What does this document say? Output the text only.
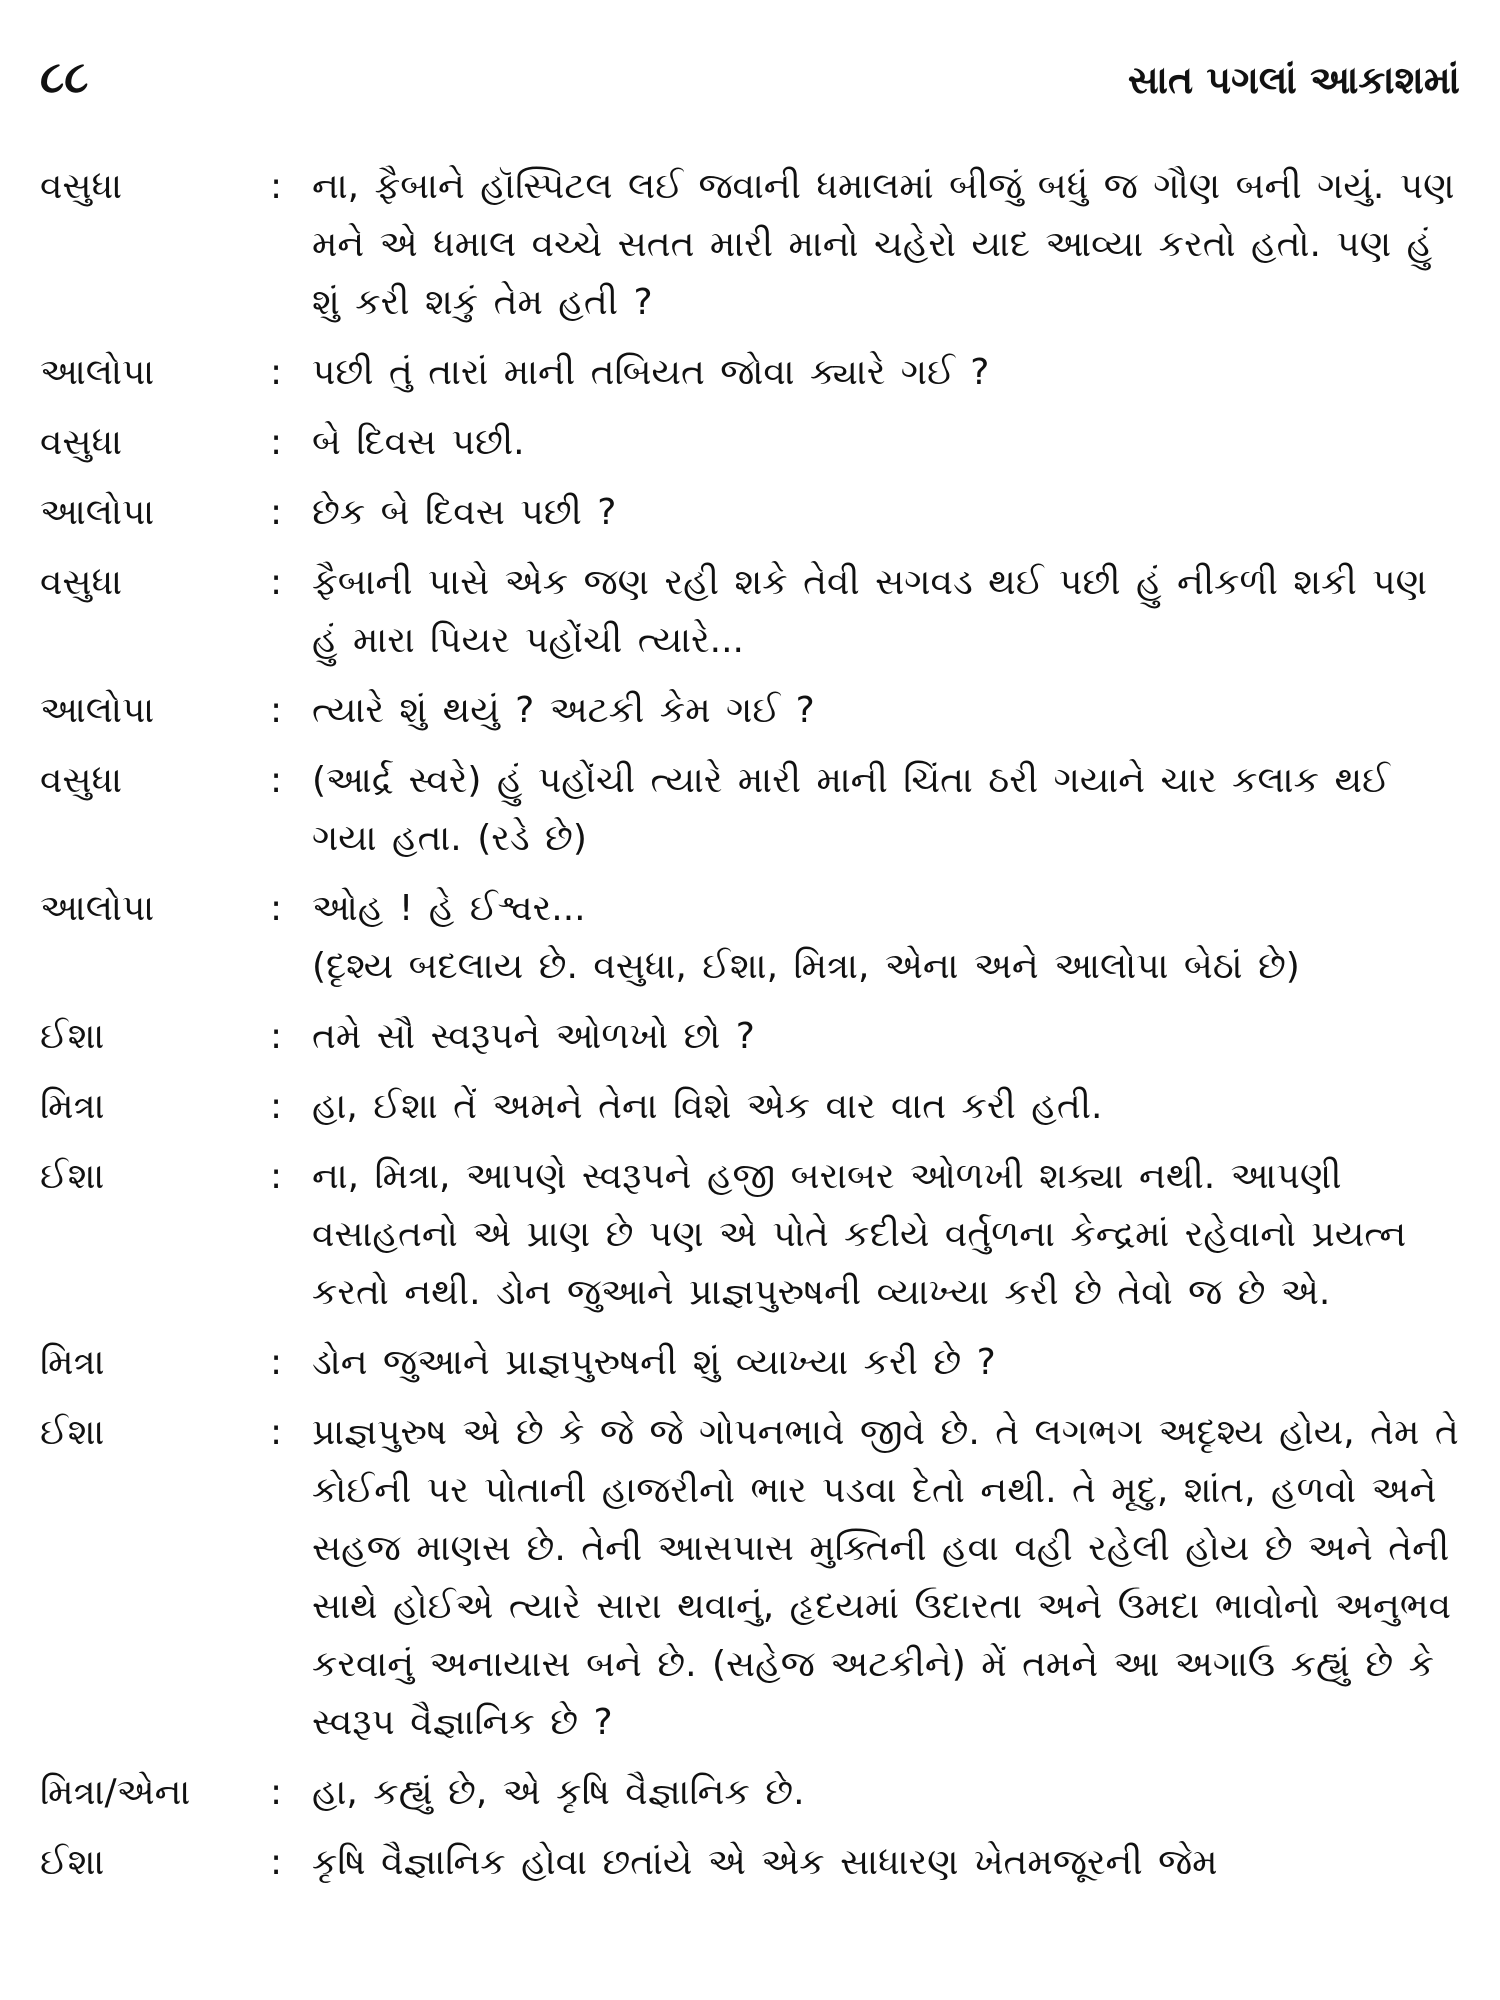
૮૮	સાત પગલાં આકાશમાં
વસુધા	: ના, ફૈબાને હૉસ્પિટલ લઈ જવાની ધમાલમાં બીજું બધું જ ગૌણ બની ગયું. પણ મને એ ધમાલ વચ્ચે સતત મારી માનો ચહેરો યાદ આવ્યા કરતો હતો. પણ હું શું કરી શકું તેમ હતી ?
આલોપા	: પછી તું તારાં માની તબિયત જોવા ક્યારે ગઈ ?
વસુધા	: બે દિવસ પછી.
આલોપા	: છેક બે દિવસ પછી ?
વસુધા	: ફૈબાની પાસે એક જણ રહી શકે તેવી સગવડ થઈ પછી હું નીકળી શકી પણ હું મારા પિયર પહોંચી ત્યારે...
આલોપા	: ત્યારે શું થયું ? અટકી કેમ ગઈ ?
વસુધા	: (આર્દ્ર સ્વરે) હું પહોંચી ત્યારે મારી માની ચિંતા ઠરી ગયાને ચાર કલાક થઈ ગયા હતા. (રડે છે)
આલોપા	: ઓહ ! હે ઈશ્વર...
(દૃશ્ય બદલાય છે. વસુધા, ઈશા, મિત્રા, એના અને આલોપા બેઠાં છે)
ઈશા	: તમે સૌ સ્વરૂપને ઓળખો છો ?
મિત્રા	: હા, ઈશા તેં અમને તેના વિશે એક વાર વાત કરી હતી.
ઈશા	: ના, મિત્રા, આપણે સ્વરૂપને હજી બરાબર ઓળખી શક્યા નથી. આપણી વસાહતનો એ પ્રાણ છે પણ એ પોતે કદીયે વર્તુળના કેન્દ્રમાં રહેવાનો પ્રયત્ન કરતો નથી. ડોન જુઆને પ્રાજ્ઞપુરુષની વ્યાખ્યા કરી છે તેવો જ છે એ.
મિત્રા	: ડોન જુઆને પ્રાજ્ઞપુરુષની શું વ્યાખ્યા કરી છે ?
ઈશા	: પ્રાજ્ઞપુરુષ એ છે કે જે જે ગોપનભાવે જીવે છે. તે લગભગ અદૃશ્ય હોય, તેમ તે કોઈની પર પોતાની હાજરીનો ભાર પડવા દેતો નથી. તે મૃદુ, શાંત, હળવો અને સહજ માણસ છે. તેની આસપાસ મુક્તિની હવા વહી રહેલી હોય છે અને તેની સાથે હોઈએ ત્યારે સારા થવાનું, હૃદયમાં ઉદારતા અને ઉમદા ભાવોનો અનુભવ કરવાનું અનાયાસ બને છે. (સહેજ અટકીને) મેં તમને આ અગાઉ કહ્યું છે કે સ્વરૂપ વૈજ્ઞાનિક છે ?
મિત્રા/એના	: હા, કહ્યું છે, એ કૃષિ વૈજ્ઞાનિક છે.
ઈશા	: કૃષિ વૈજ્ઞાનિક હોવા છતાંયે એ એક સાધારણ ખેતમજૂરની જેમ
